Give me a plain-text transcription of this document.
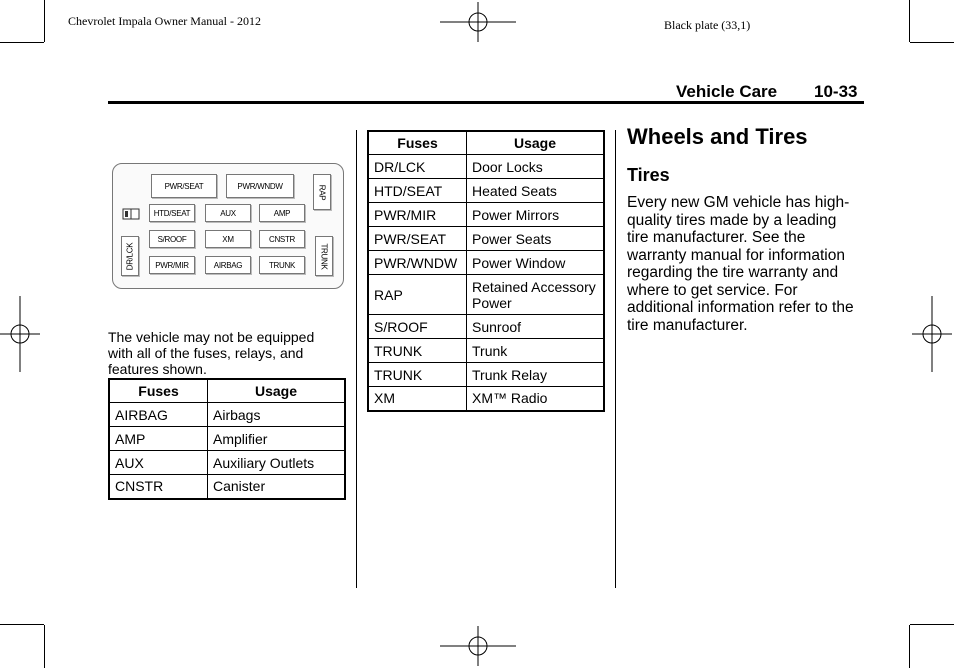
Chevrolet Impala Owner Manual - 2012	Black plate (33,1)
Vehicle Care 10-33
PWR/SEAT	PWR/WNDW	RAP
HTD/SEAT	AUX	AMP
S/ROOF	XM	CNSTR
PWR/MIR	AIRBAG	TRUNK
DR/LCK	TRUNK
The vehicle may not be equipped with all of the fuses, relays, and features shown.
Fuses	Usage
AIRBAG	Airbags
AMP	Amplifier
AUX	Auxiliary Outlets
CNSTR	Canister
Fuses	Usage
DR/LCK	Door Locks
HTD/SEAT	Heated Seats
PWR/MIR	Power Mirrors
PWR/SEAT	Power Seats
PWR/WNDW	Power Window
RAP	Retained Accessory Power
S/ROOF	Sunroof
TRUNK	Trunk
TRUNK	Trunk Relay
XM	XM™ Radio
Wheels and Tires
Tires
Every new GM vehicle has high-quality tires made by a leading tire manufacturer. See the warranty manual for information regarding the tire warranty and where to get service. For additional information refer to the tire manufacturer.
